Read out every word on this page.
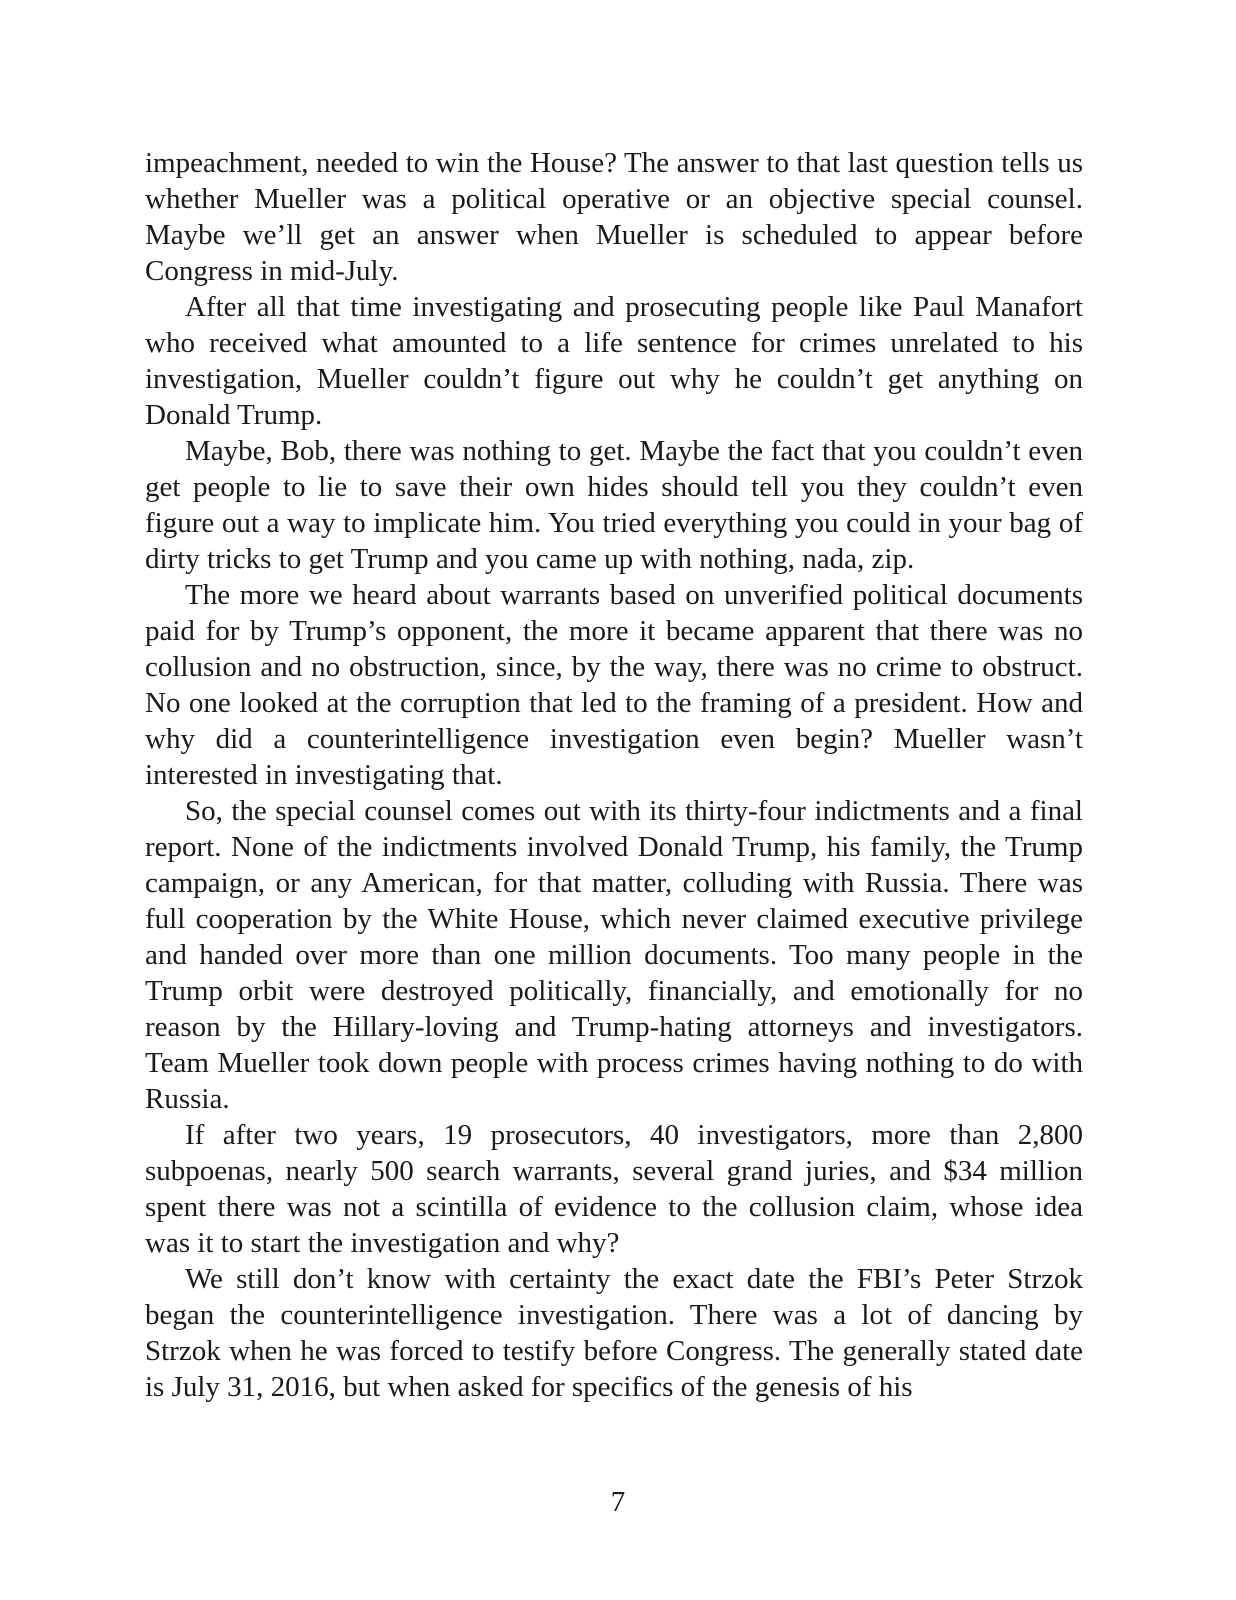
impeachment, needed to win the House? The answer to that last question tells us whether Mueller was a political operative or an objective special counsel. Maybe we’ll get an answer when Mueller is scheduled to appear before Congress in mid-July.

After all that time investigating and prosecuting people like Paul Manafort who received what amounted to a life sentence for crimes unrelated to his investigation, Mueller couldn’t figure out why he couldn’t get anything on Donald Trump.

Maybe, Bob, there was nothing to get. Maybe the fact that you couldn’t even get people to lie to save their own hides should tell you they couldn’t even figure out a way to implicate him. You tried everything you could in your bag of dirty tricks to get Trump and you came up with nothing, nada, zip.

The more we heard about warrants based on unverified political documents paid for by Trump’s opponent, the more it became apparent that there was no collusion and no obstruction, since, by the way, there was no crime to obstruct. No one looked at the corruption that led to the framing of a president. How and why did a counterintelligence investigation even begin? Mueller wasn’t interested in investigating that.

So, the special counsel comes out with its thirty-four indictments and a final report. None of the indictments involved Donald Trump, his family, the Trump campaign, or any American, for that matter, colluding with Russia. There was full cooperation by the White House, which never claimed executive privilege and handed over more than one million documents. Too many people in the Trump orbit were destroyed politically, financially, and emotionally for no reason by the Hillary-loving and Trump-hating attorneys and investigators. Team Mueller took down people with process crimes having nothing to do with Russia.

If after two years, 19 prosecutors, 40 investigators, more than 2,800 subpoenas, nearly 500 search warrants, several grand juries, and $34 million spent there was not a scintilla of evidence to the collusion claim, whose idea was it to start the investigation and why?

We still don’t know with certainty the exact date the FBI’s Peter Strzok began the counterintelligence investigation. There was a lot of dancing by Strzok when he was forced to testify before Congress. The generally stated date is July 31, 2016, but when asked for specifics of the genesis of his

7
